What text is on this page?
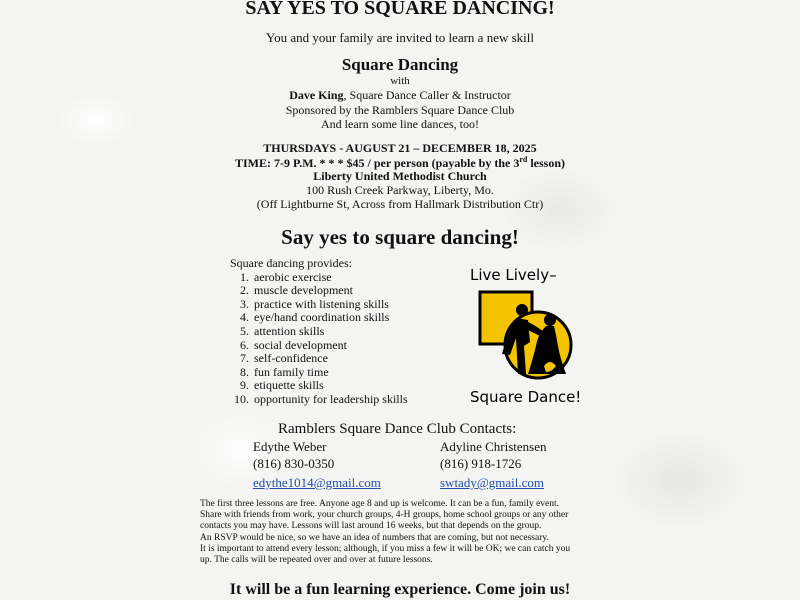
SAY YES TO SQUARE DANCING!
You and your family are invited to learn a new skill
Square Dancing
with
Dave King, Square Dance Caller & Instructor
Sponsored by the Ramblers Square Dance Club
And learn some line dances, too!
THURSDAYS - AUGUST 21 – DECEMBER 18, 2025
TIME: 7-9 P.M. * * * $45 / per person (payable by the 3rd lesson)
Liberty United Methodist Church
100 Rush Creek Parkway, Liberty, Mo.
(Off Lightburne St, Across from Hallmark Distribution Ctr)
Say yes to square dancing!
Square dancing provides:
1. aerobic exercise
2. muscle development
3. practice with listening skills
4. eye/hand coordination skills
5. attention skills
6. social development
7. self-confidence
8. fun family time
9. etiquette skills
10. opportunity for leadership skills
Live Lively–
Square Dance!
Ramblers Square Dance Club Contacts:
Edythe Weber
(816) 830-0350
edythe1014@gmail.com
Adyline Christensen
(816) 918-1726
swtady@gmail.com

The first three lessons are free. Anyone age 8 and up is welcome. It can be a fun, family event.

Share with friends from work, your church groups, 4-H groups, home school groups or any other

contacts you may have. Lessons will last around 16 weeks, but that depends on the group.

An RSVP would be nice, so we have an idea of numbers that are coming, but not necessary.

It is important to attend every lesson; although, if you miss a few it will be OK; we can catch you

up. The calls will be repeated over and over at future lessons.

It will be a fun learning experience. Come join us!
